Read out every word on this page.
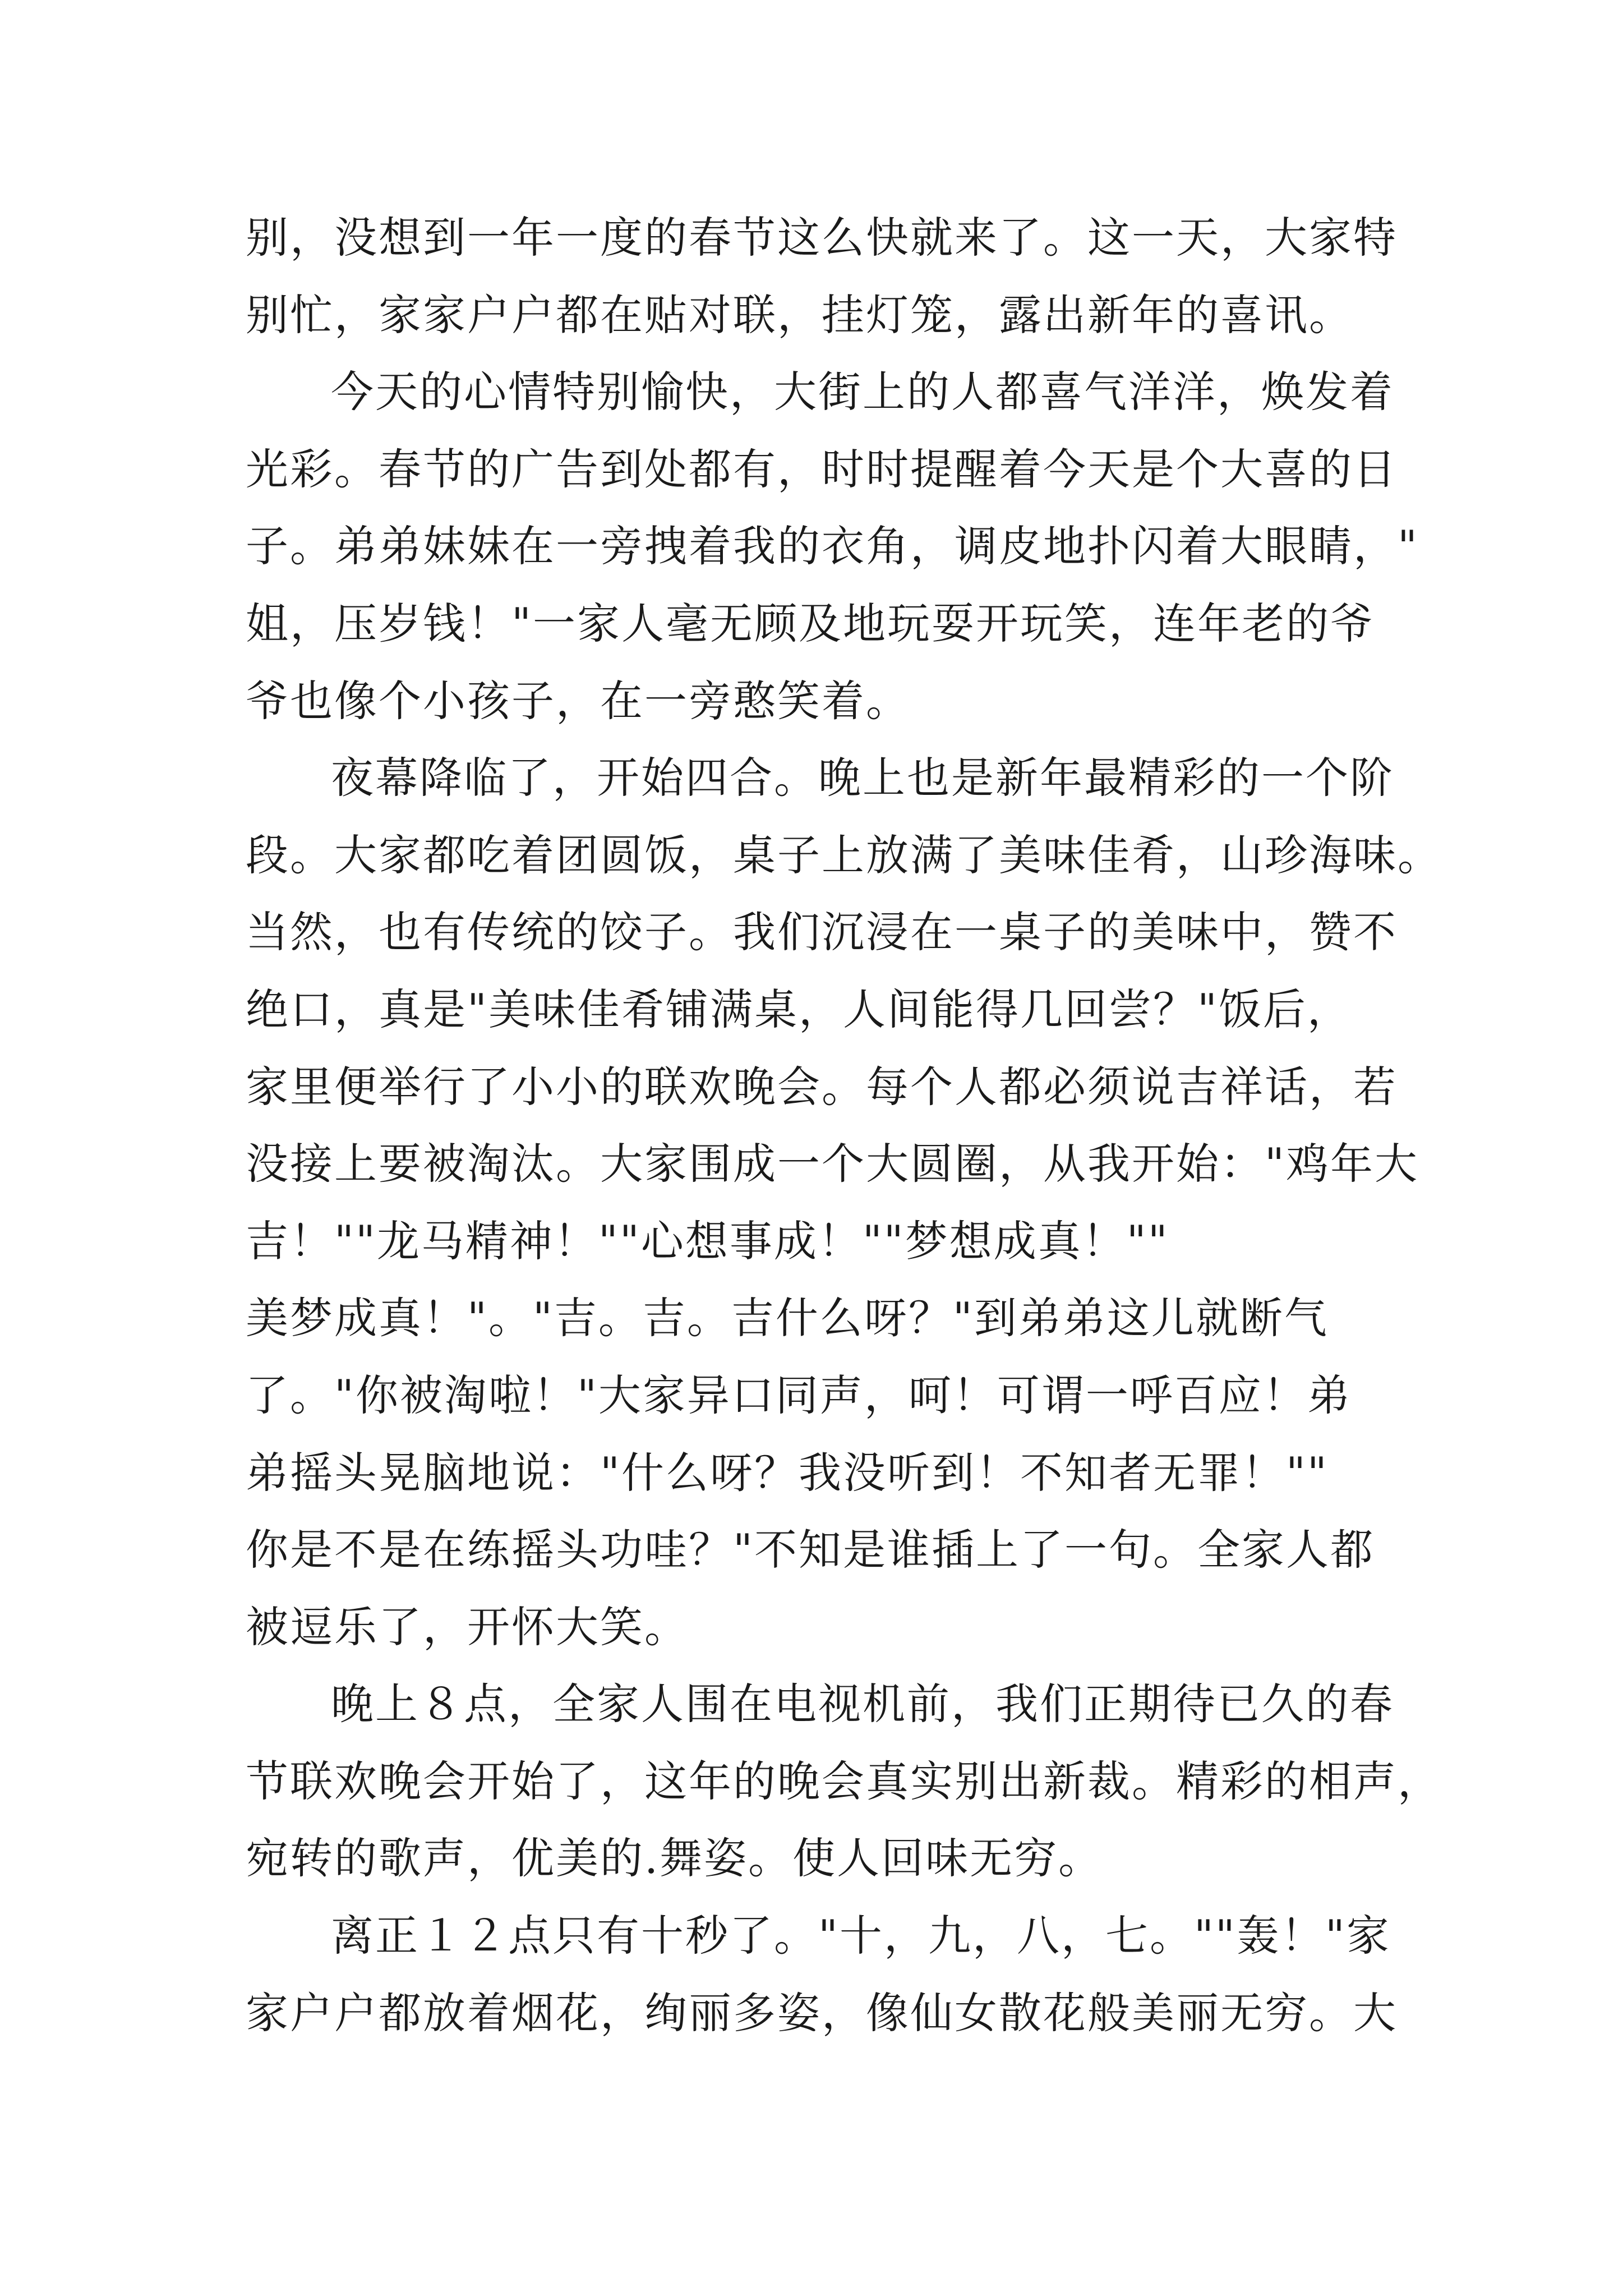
别，没想到一年一度的春节这么快就来了。这一天，大家特
别忙，家家户户都在贴对联，挂灯笼，露出新年的喜讯。
今天的心情特别愉快，大街上的人都喜气洋洋，焕发着
光彩。春节的广告到处都有，时时提醒着今天是个大喜的日
子。弟弟妹妹在一旁拽着我的衣角，调皮地扑闪着大眼睛，"
姐，压岁钱！"一家人毫无顾及地玩耍开玩笑，连年老的爷
爷也像个小孩子，在一旁憨笑着。
夜幕降临了，开始四合。晚上也是新年最精彩的一个阶
段。大家都吃着团圆饭，桌子上放满了美味佳肴，山珍海味。
当然，也有传统的饺子。我们沉浸在一桌子的美味中，赞不
绝口，真是"美味佳肴铺满桌，人间能得几回尝？"饭后，
家里便举行了小小的联欢晚会。每个人都必须说吉祥话，若
没接上要被淘汰。大家围成一个大圆圈，从我开始："鸡年大
吉！""龙马精神！""心想事成！""梦想成真！""
美梦成真！"。"吉。吉。吉什么呀？"到弟弟这儿就断气
了。"你被淘啦！"大家异口同声，呵！可谓一呼百应！弟
弟摇头晃脑地说："什么呀？我没听到！不知者无罪！""
你是不是在练摇头功哇？"不知是谁插上了一句。全家人都
被逗乐了，开怀大笑。
晚上８点，全家人围在电视机前，我们正期待已久的春
节联欢晚会开始了，这年的晚会真实别出新裁。精彩的相声，
宛转的歌声，优美的.舞姿。使人回味无穷。
离正１２点只有十秒了。"十，九，八，七。""轰！"家
家户户都放着烟花，绚丽多姿，像仙女散花般美丽无穷。大
